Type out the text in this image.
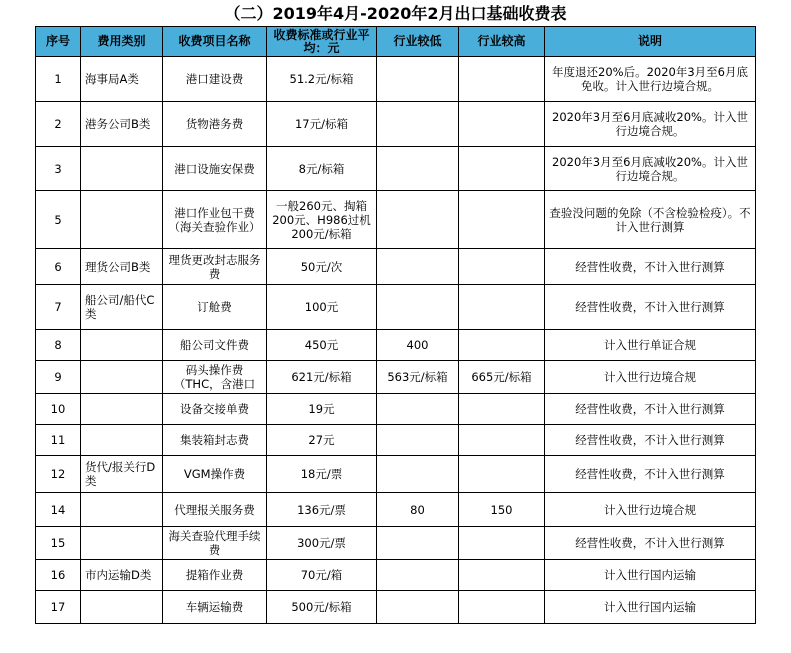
（二）2019年4月-2020年2月出口基础收费表
序号	费用类别	收费项目名称	收费标准或行业平均：元	行业较低	行业较高	说明
1	海事局A类	港口建设费	51.2元/标箱			年度退还20%后。2020年3月至6月底免收。计入世行边境合规。
2	港务公司B类	货物港务费	17元/标箱			2020年3月至6月底减收20%。计入世行边境合规。
3		港口设施安保费	8元/标箱			2020年3月至6月底减收20%。计入世行边境合规。
5		港口作业包干费（海关查验作业）	一般260元、掏箱200元、H986过机200元/标箱			查验没问题的免除（不含检验检疫）。不计入世行测算
6	理货公司B类	理货更改封志服务费	50元/次			经营性收费，不计入世行测算
7	船公司/船代C类	订舱费	100元			经营性收费，不计入世行测算
8		船公司文件费	450元	400		计入世行单证合规
9		码头操作费（THC，含港口	621元/标箱	563元/标箱	665元/标箱	计入世行边境合规
10		设备交接单费	19元			经营性收费，不计入世行测算
11		集装箱封志费	27元			经营性收费，不计入世行测算
12	货代/报关行D类	VGM操作费	18元/票			经营性收费，不计入世行测算
14		代理报关服务费	136元/票	80	150	计入世行边境合规
15		海关查验代理手续费	300元/票			经营性收费，不计入世行测算
16	市内运输D类	提箱作业费	70元/箱			计入世行国内运输
17		车辆运输费	500元/标箱			计入世行国内运输
